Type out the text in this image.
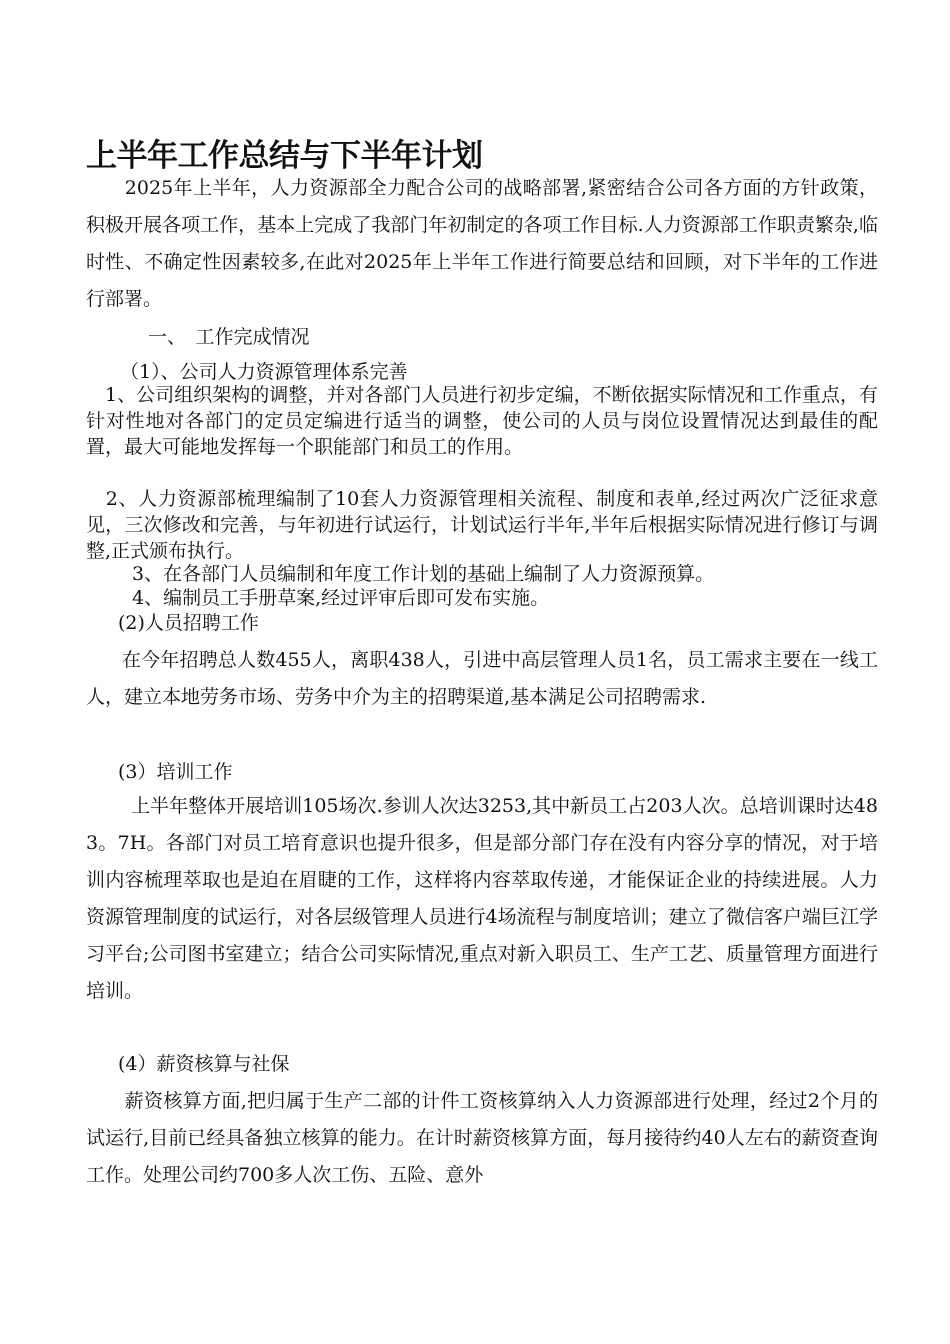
上半年工作总结与下半年计划

　　2025年上半年，人力资源部全力配合公司的战略部署,紧密结合公司各方面的方针政策，积极开展各项工作，基本上完成了我部门年初制定的各项工作目标.人力资源部工作职责繁杂,临时性、不确定性因素较多,在此对2025年上半年工作进行简要总结和回顾，对下半年的工作进行部署。

一、　工作完成情况

（1）、公司人力资源管理体系完善

　1、公司组织架构的调整，并对各部门人员进行初步定编，不断依据实际情况和工作重点，有针对性地对各部门的定员定编进行适当的调整，使公司的人员与岗位设置情况达到最佳的配置，最大可能地发挥每一个职能部门和员工的作用。

　2、人力资源部梳理编制了10套人力资源管理相关流程、制度和表单,经过两次广泛征求意见，三次修改和完善，与年初进行试运行，计划试运行半年,半年后根据实际情况进行修订与调整,正式颁布执行。

3、在各部门人员编制和年度工作计划的基础上编制了人力资源预算。

4、编制员工手册草案,经过评审后即可发布实施。

(2)人员招聘工作

在今年招聘总人数455人，离职438人，引进中高层管理人员1名，员工需求主要在一线工人，建立本地劳务市场、劳务中介为主的招聘渠道,基本满足公司招聘需求.

(3）培训工作

　上半年整体开展培训105场次.参训人次达3253,其中新员工占203人次。总培训课时达483。7H。各部门对员工培育意识也提升很多，但是部分部门存在没有内容分享的情况，对于培训内容梳理萃取也是迫在眉睫的工作，这样将内容萃取传递，才能保证企业的持续进展。人力资源管理制度的试运行，对各层级管理人员进行4场流程与制度培训；建立了微信客户端巨江学习平台;公司图书室建立；结合公司实际情况,重点对新入职员工、生产工艺、质量管理方面进行培训。

(4）薪资核算与社保

　　薪资核算方面,把归属于生产二部的计件工资核算纳入人力资源部进行处理，经过2个月的试运行,目前已经具备独立核算的能力。在计时薪资核算方面，每月接待约40人左右的薪资查询工作。处理公司约700多人次工伤、五险、意外
